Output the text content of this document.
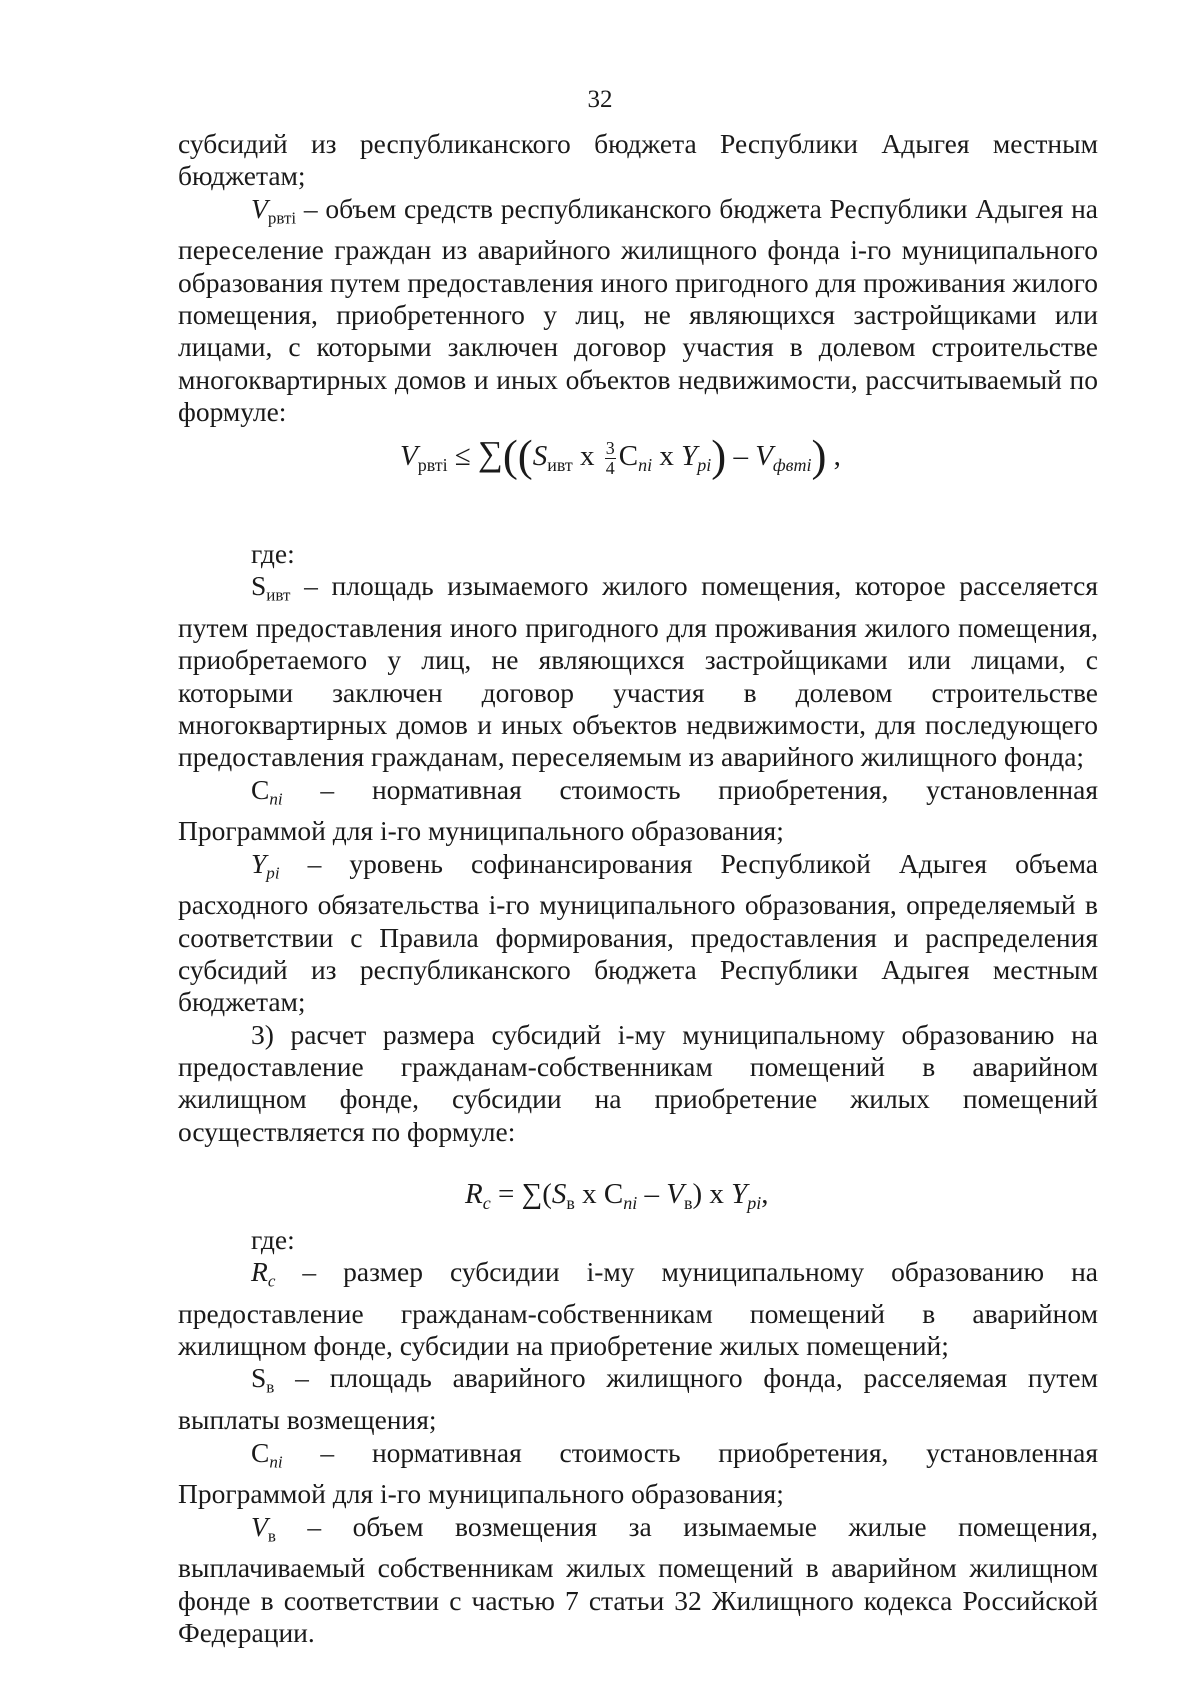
32

субсидий из республиканского бюджета Республики Адыгея местным бюджетам;

$V_{рвтi}$ – объем средств республиканского бюджета Республики Адыгея на переселение граждан из аварийного жилищного фонда i-го муниципального образования путем предоставления иного пригодного для проживания жилого помещения, приобретенного у лиц, не являющихся застройщиками или лицами, с которыми заключен договор участия в долевом строительстве многоквартирных домов и иных объектов недвижимости, рассчитываемый по формуле:

$V_{рвтi} \le \sum((S_{ивт}$ x $\frac{3}{4} C_{пi}$ x $Y_{pi}) - V_{фвтi}$) ,

где:

$S_{ивт}$ – площадь изымаемого жилого помещения, которое расселяется путем предоставления иного пригодного для проживания жилого помещения, приобретаемого у лиц, не являющихся застройщиками или лицами, с которыми заключен договор участия в долевом строительстве многоквартирных домов и иных объектов недвижимости, для последующего предоставления гражданам, переселяемым из аварийного жилищного фонда;

$C_{ni}$ – нормативная стоимость приобретения, установленная Программой для i-го муниципального образования;

$Y_{pi}$ – уровень софинансирования Республикой Адыгея объема расходного обязательства i-го муниципального образования, определяемый в соответствии с Правила формирования, предоставления и распределения субсидий из республиканского бюджета Республики Адыгея местным бюджетам;

3) расчет размера субсидий i-му муниципальному образованию на предоставление гражданам-собственникам помещений в аварийном жилищном фонде, субсидии на приобретение жилых помещений осуществляется по формуле:

$R_c = \sum(S_в$ x $C_{пi} - V_в$) x $Y_{pi}$,

где:

$R_c$ – размер субсидии i-му муниципальному образованию на предоставление гражданам-собственникам помещений в аварийном жилищном фонде, субсидии на приобретение жилых помещений;

$S_в$ – площадь аварийного жилищного фонда, расселяемая путем выплаты возмещения;

$C_{ni}$ – нормативная стоимость приобретения, установленная Программой для i-го муниципального образования;

$V_в$ – объем возмещения за изымаемые жилые помещения, выплачиваемый собственникам жилых помещений в аварийном жилищном фонде в соответствии с частью 7 статьи 32 Жилищного кодекса Российской Федерации.
